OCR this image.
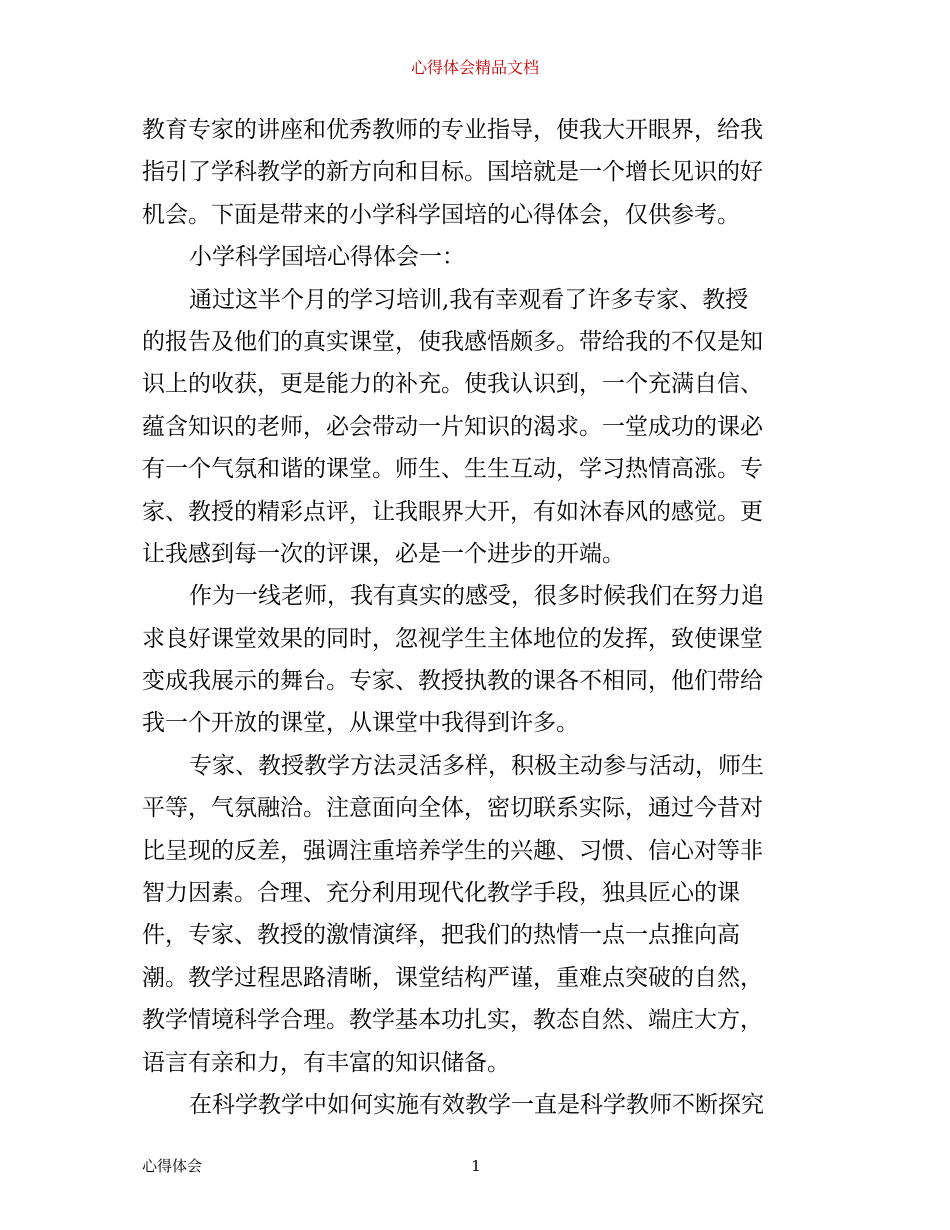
心得体会精品文档
教育专家的讲座和优秀教师的专业指导，使我大开眼界，给我
指引了学科教学的新方向和目标。国培就是一个增长见识的好
机会。下面是带来的小学科学国培的心得体会，仅供参考。
小学科学国培心得体会一：
通过这半个月的学习培训,我有幸观看了许多专家、教授
的报告及他们的真实课堂，使我感悟颇多。带给我的不仅是知
识上的收获，更是能力的补充。使我认识到，一个充满自信、
蕴含知识的老师，必会带动一片知识的渴求。一堂成功的课必
有一个气氛和谐的课堂。师生、生生互动，学习热情高涨。专
家、教授的精彩点评，让我眼界大开，有如沐春风的感觉。更
让我感到每一次的评课，必是一个进步的开端。
作为一线老师，我有真实的感受，很多时候我们在努力追
求良好课堂效果的同时，忽视学生主体地位的发挥，致使课堂
变成我展示的舞台。专家、教授执教的课各不相同，他们带给
我一个开放的课堂，从课堂中我得到许多。
专家、教授教学方法灵活多样，积极主动参与活动，师生
平等，气氛融洽。注意面向全体，密切联系实际，通过今昔对
比呈现的反差，强调注重培养学生的兴趣、习惯、信心对等非
智力因素。合理、充分利用现代化教学手段，独具匠心的课
件，专家、教授的激情演绎，把我们的热情一点一点推向高
潮。教学过程思路清晰，课堂结构严谨，重难点突破的自然，
教学情境科学合理。教学基本功扎实，教态自然、端庄大方，
语言有亲和力，有丰富的知识储备。
在科学教学中如何实施有效教学一直是科学教师不断探究
心得体会	1
